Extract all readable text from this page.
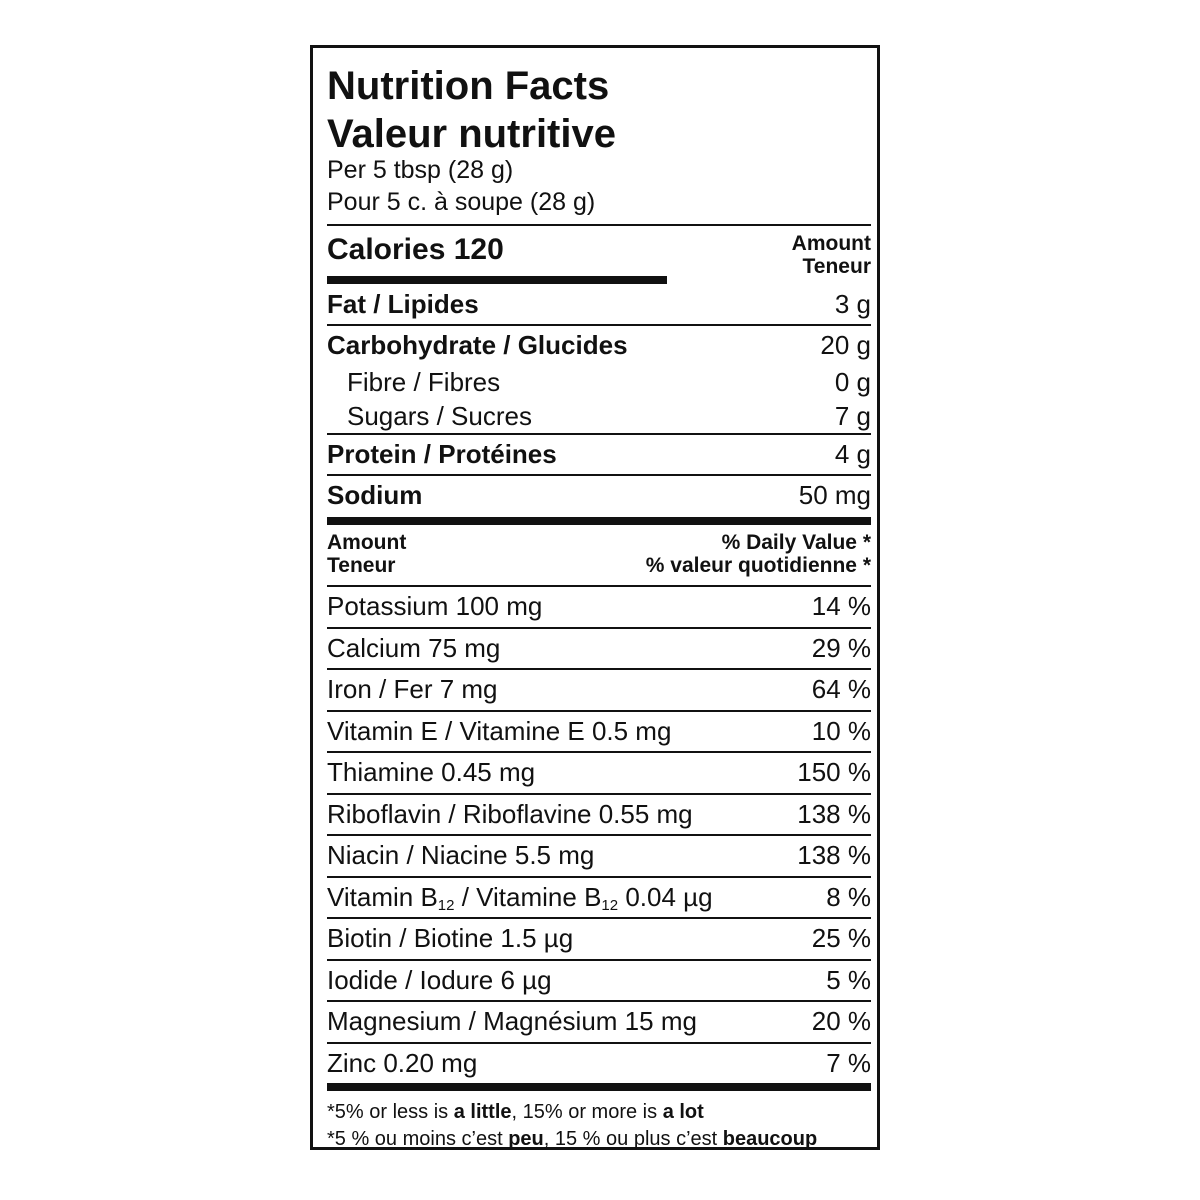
Nutrition Facts
Valeur nutritive
Per 5 tbsp (28 g)
Pour 5 c. à soupe (28 g)
Calories 120	Amount
Teneur
Fat / Lipides	3 g
Carbohydrate / Glucides	20 g
Fibre / Fibres	0 g
Sugars / Sucres	7 g
Protein / Protéines	4 g
Sodium	50 mg
Amount
Teneur
% Daily Value *
% valeur quotidienne *
Potassium 100 mg	14 %
Calcium 75 mg	29 %
Iron / Fer 7 mg	64 %
Vitamin E / Vitamine E 0.5 mg	10 %
Thiamine 0.45 mg	150 %
Riboflavin / Riboflavine 0.55 mg	138 %
Niacin / Niacine 5.5 mg	138 %
Vitamin $B_{12}$ / Vitamine $B_{12}$ 0.04 µg	8 %
Biotin / Biotine 1.5 µg	25 %
Iodide / Iodure 6 µg	5 %
Magnesium / Magnésium 15 mg	20 %
Zinc 0.20 mg	7 %
*5% or less is a little, 15% or more is a lot
*5 % ou moins c’est peu, 15 % ou plus c’est beaucoup
